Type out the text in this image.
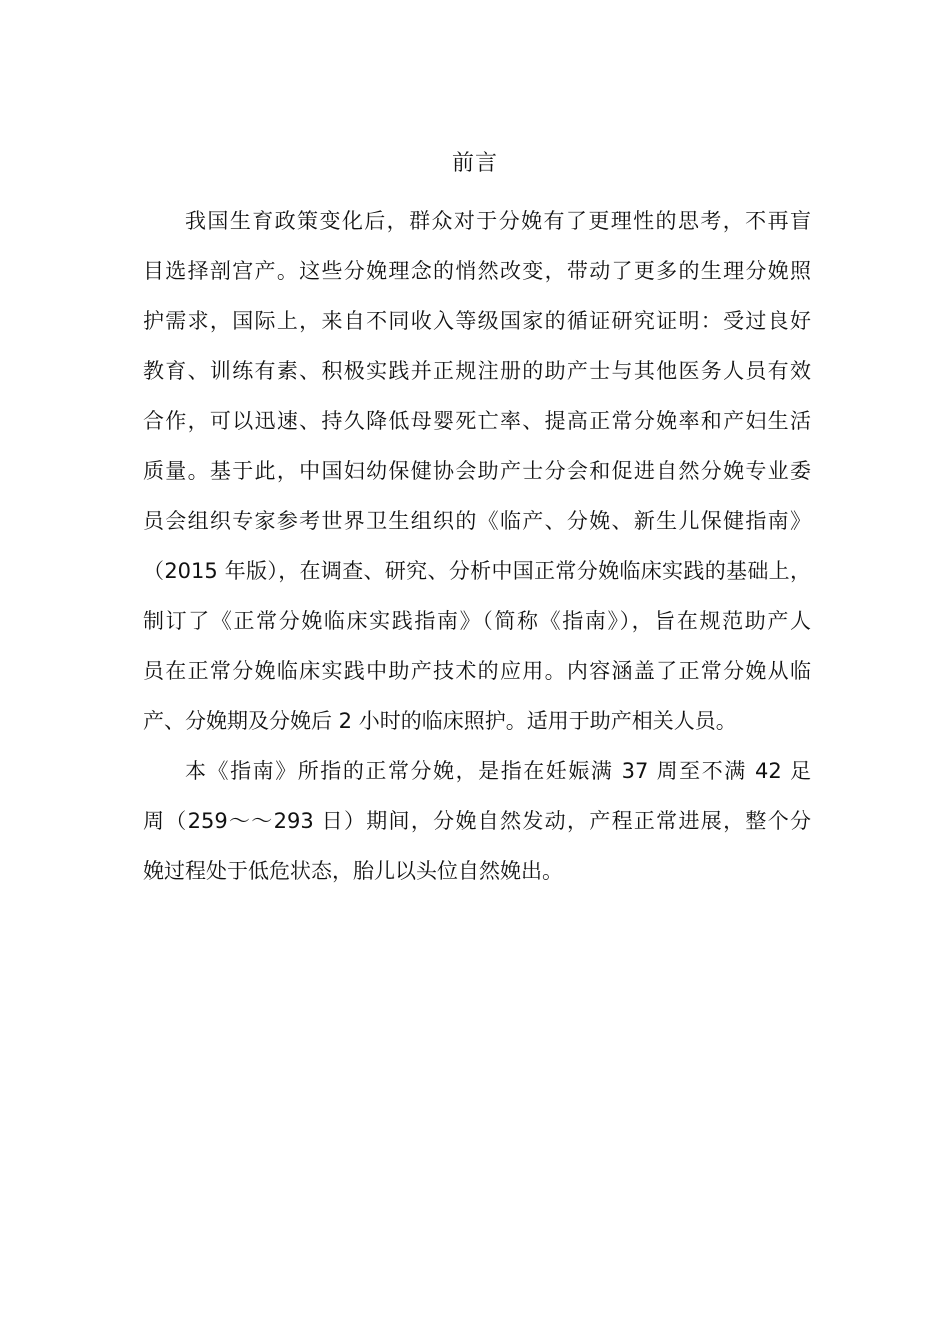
前言

我国生育政策变化后，群众对于分娩有了更理性的思考，不再盲
目选择剖宫产。这些分娩理念的悄然改变，带动了更多的生理分娩照
护需求，国际上，来自不同收入等级国家的循证研究证明：受过良好
教育、训练有素、积极实践并正规注册的助产士与其他医务人员有效
合作，可以迅速、持久降低母婴死亡率、提高正常分娩率和产妇生活
质量。基于此，中国妇幼保健协会助产士分会和促进自然分娩专业委
员会组织专家参考世界卫生组织的《临产、分娩、新生儿保健指南》
（2015 年版），在调查、研究、分析中国正常分娩临床实践的基础上，
制订了《正常分娩临床实践指南》（简称《指南》），旨在规范助产人
员在正常分娩临床实践中助产技术的应用。内容涵盖了正常分娩从临
产、分娩期及分娩后 2 小时的临床照护。适用于助产相关人员。

本《指南》所指的正常分娩，是指在妊娠满 37 周至不满 42 足
周（259～～293 日）期间，分娩自然发动，产程正常进展，整个分
娩过程处于低危状态，胎儿以头位自然娩出。
